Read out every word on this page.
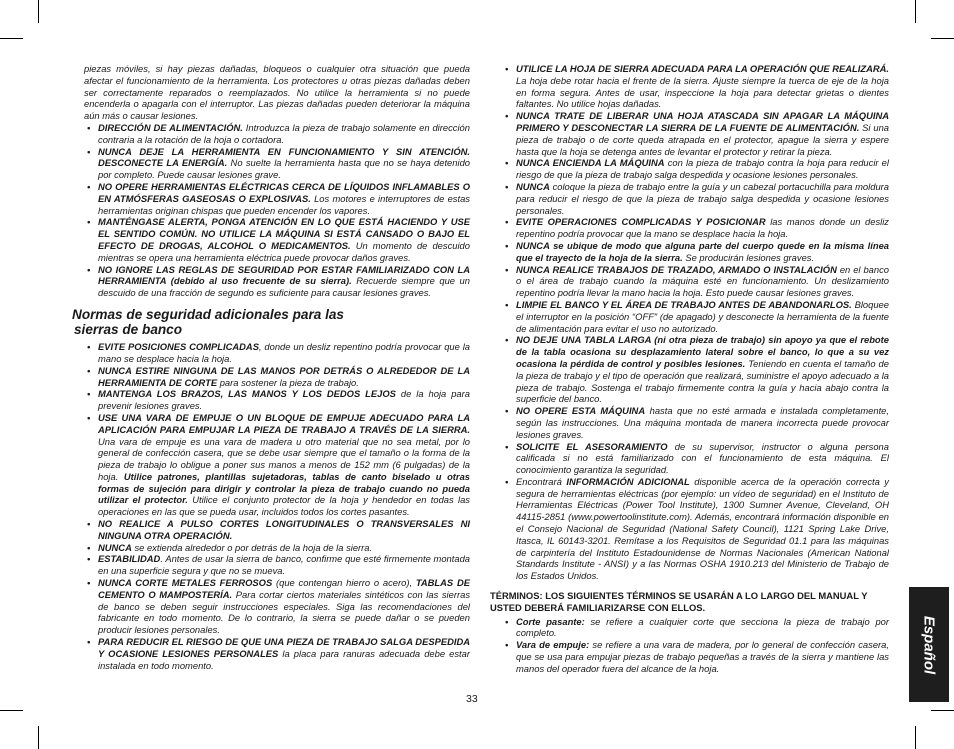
piezas móviles, si hay piezas dañadas, bloqueos o cualquier otra situación que pueda afectar el funcionamiento de la herramienta. Los protectores u otras piezas dañadas deben ser correctamente reparados o reemplazados. No utilice la herramienta si no puede encenderla o apagarla con el interruptor. Las piezas dañadas pueden deteriorar la máquina aún más o causar lesiones.

• DIRECCIÓN DE ALIMENTACIÓN. Introduzca la pieza de trabajo solamente en dirección contraria a la rotación de la hoja o cortadora.

• NUNCA DEJE LA HERRAMIENTA EN FUNCIONAMIENTO Y SIN ATENCIÓN. DESCONECTE LA ENERGÍA. No suelte la herramienta hasta que no se haya detenido por completo. Puede causar lesiones grave.

• NO OPERE HERRAMIENTAS ELÉCTRICAS CERCA DE LÍQUIDOS INFLAMABLES O EN ATMÓSFERAS GASEOSAS O EXPLOSIVAS. Los motores e interruptores de estas herramientas originan chispas que pueden encender los vapores.

• MANTÉNGASE ALERTA, PONGA ATENCIÓN EN LO QUE ESTÁ HACIENDO Y USE EL SENTIDO COMÚN. NO UTILICE LA MÁQUINA SI ESTÁ CANSADO O BAJO EL EFECTO DE DROGAS, ALCOHOL O MEDICAMENTOS. Un momento de descuido mientras se opera una herramienta eléctrica puede provocar daños graves.

• NO IGNORE LAS REGLAS DE SEGURIDAD POR ESTAR FAMILIARIZADO CON LA HERRAMIENTA (debido al uso frecuente de su sierra). Recuerde siempre que un descuido de una fracción de segundo es suficiente para causar lesiones graves.

Normas de seguridad adicionales para las
sierras de banco

• EVITE POSICIONES COMPLICADAS, donde un desliz repentino podría provocar que la mano se desplace hacia la hoja.

• NUNCA ESTIRE NINGUNA DE LAS MANOS POR DETRÁS O ALREDEDOR DE LA HERRAMIENTA DE CORTE para sostener la pieza de trabajo.

• MANTENGA LOS BRAZOS, LAS MANOS Y LOS DEDOS LEJOS de la hoja para prevenir lesiones graves.

• USE UNA VARA DE EMPUJE O UN BLOQUE DE EMPUJE ADECUADO PARA LA APLICACIÓN PARA EMPUJAR LA PIEZA DE TRABAJO A TRAVÉS DE LA SIERRA. Una vara de empuje es una vara de madera u otro material que no sea metal, por lo general de confección casera, que se debe usar siempre que el tamaño o la forma de la pieza de trabajo lo obligue a poner sus manos a menos de 152 mm (6 pulgadas) de la hoja. Utilice patrones, plantillas sujetadoras, tablas de canto biselado u otras formas de sujeción para dirigir y controlar la pieza de trabajo cuando no pueda utilizar el protector. Utilice el conjunto protector de la hoja y hendedor en todas las operaciones en las que se pueda usar, incluidos todos los cortes pasantes.

• NO REALICE A PULSO CORTES LONGITUDINALES O TRANSVERSALES NI NINGUNA OTRA OPERACIÓN.

• NUNCA se extienda alrededor o por detrás de la hoja de la sierra.

• ESTABILIDAD. Antes de usar la sierra de banco, confirme que esté firmemente montada en una superficie segura y que no se mueva.

• NUNCA CORTE METALES FERROSOS (que contengan hierro o acero), TABLAS DE CEMENTO O MAMPOSTERÍA. Para cortar ciertos materiales sintéticos con las sierras de banco se deben seguir instrucciones especiales. Siga las recomendaciones del fabricante en todo momento. De lo contrario, la sierra se puede dañar o se pueden producir lesiones personales.

• PARA REDUCIR EL RIESGO DE QUE UNA PIEZA DE TRABAJO SALGA DESPEDIDA Y OCASIONE LESIONES PERSONALES la placa para ranuras adecuada debe estar instalada en todo momento.

• UTILICE LA HOJA DE SIERRA ADECUADA PARA LA OPERACIÓN QUE REALIZARÁ. La hoja debe rotar hacia el frente de la sierra. Ajuste siempre la tuerca de eje de la hoja en forma segura. Antes de usar, inspeccione la hoja para detectar grietas o dientes faltantes. No utilice hojas dañadas.

• NUNCA TRATE DE LIBERAR UNA HOJA ATASCADA SIN APAGAR LA MÁQUINA PRIMERO Y DESCONECTAR LA SIERRA DE LA FUENTE DE ALIMENTACIÓN. Si una pieza de trabajo o de corte queda atrapada en el protector, apague la sierra y espere hasta que la hoja se detenga antes de levantar el protector y retirar la pieza.

• NUNCA ENCIENDA LA MÁQUINA con la pieza de trabajo contra la hoja para reducir el riesgo de que la pieza de trabajo salga despedida y ocasione lesiones personales.

• NUNCA coloque la pieza de trabajo entre la guía y un cabezal portacuchilla para moldura para reducir el riesgo de que la pieza de trabajo salga despedida y ocasione lesiones personales.

• EVITE OPERACIONES COMPLICADAS Y POSICIONAR las manos donde un desliz repentino podría provocar que la mano se desplace hacia la hoja.

• NUNCA se ubique de modo que alguna parte del cuerpo quede en la misma línea que el trayecto de la hoja de la sierra. Se producirán lesiones graves.

• NUNCA REALICE TRABAJOS DE TRAZADO, ARMADO O INSTALACIÓN en el banco o el área de trabajo cuando la máquina esté en funcionamiento. Un deslizamiento repentino podría llevar la mano hacia la hoja. Esto puede causar lesiones graves.

• LIMPIE EL BANCO Y EL ÁREA DE TRABAJO ANTES DE ABANDONARLOS. Bloquee el interruptor en la posición “OFF” (de apagado) y desconecte la herramienta de la fuente de alimentación para evitar el uso no autorizado.

• NO DEJE UNA TABLA LARGA (ni otra pieza de trabajo) sin apoyo ya que el rebote de la tabla ocasiona su desplazamiento lateral sobre el banco, lo que a su vez ocasiona la pérdida de control y posibles lesiones. Teniendo en cuenta el tamaño de la pieza de trabajo y el tipo de operación que realizará, suministre el apoyo adecuado a la pieza de trabajo. Sostenga el trabajo firmemente contra la guía y hacia abajo contra la superficie del banco.

• NO OPERE ESTA MÁQUINA hasta que no esté armada e instalada completamente, según las instrucciones. Una máquina montada de manera incorrecta puede provocar lesiones graves.

• SOLICITE EL ASESORAMIENTO de su supervisor, instructor o alguna persona calificada si no está familiarizado con el funcionamiento de esta máquina. El conocimiento garantiza la seguridad.

• Encontrará INFORMACIÓN ADICIONAL disponible acerca de la operación correcta y segura de herramientas eléctricas (por ejemplo: un vídeo de seguridad) en el Instituto de Herramientas Eléctricas (Power Tool Institute), 1300 Sumner Avenue, Cleveland, OH 44115-2851 (www.powertoolinstitute.com). Además, encontrará información disponible en el Consejo Nacional de Seguridad (National Safety Council), 1121 Spring Lake Drive, Itasca, IL 60143-3201. Remítase a los Requisitos de Seguridad 01.1 para las máquinas de carpintería del Instituto Estadounidense de Normas Nacionales (American National Standards Institute - ANSI) y a las Normas OSHA 1910.213 del Ministerio de Trabajo de los Estados Unidos.

TÉRMINOS: LOS SIGUIENTES TÉRMINOS SE USARÁN A LO LARGO DEL MANUAL Y USTED DEBERÁ FAMILIARIZARSE CON ELLOS.

• Corte pasante: se refiere a cualquier corte que secciona la pieza de trabajo por completo.

• Vara de empuje: se refiere a una vara de madera, por lo general de confección casera, que se usa para empujar piezas de trabajo pequeñas a través de la sierra y mantiene las manos del operador fuera del alcance de la hoja.

33
Español
